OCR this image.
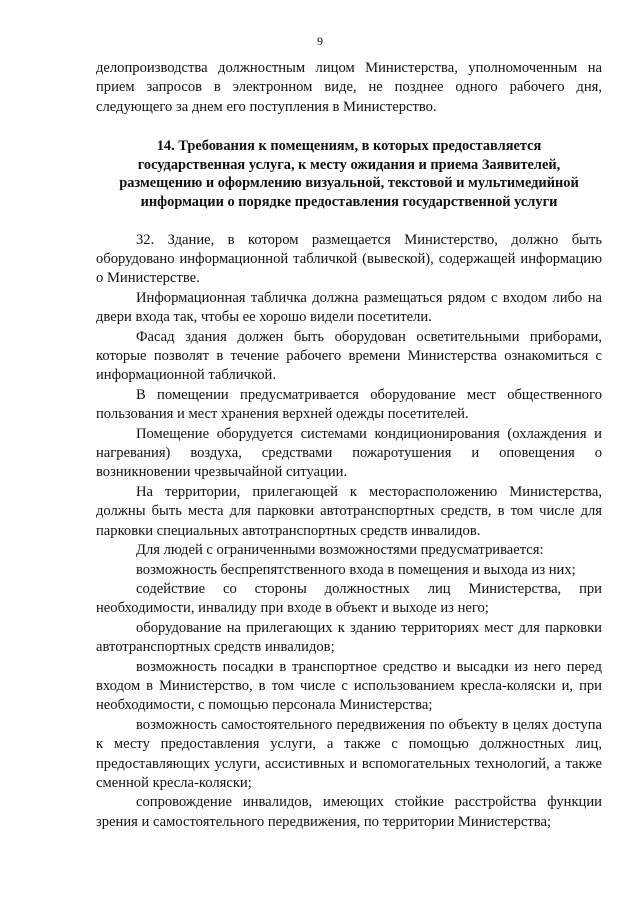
9

делопроизводства должностным лицом Министерства, уполномоченным на прием запросов в электронном виде, не позднее одного рабочего дня, следующего за днем его поступления в Министерство.

14. Требования к помещениям, в которых предоставляется
государственная услуга, к месту ожидания и приема Заявителей,
размещению и оформлению визуальной, текстовой и мультимедийной
информации о порядке предоставления государственной услуги

32. Здание, в котором размещается Министерство, должно быть оборудовано информационной табличкой (вывеской), содержащей информацию о Министерстве.

Информационная табличка должна размещаться рядом с входом либо на двери входа так, чтобы ее хорошо видели посетители.

Фасад здания должен быть оборудован осветительными приборами, которые позволят в течение рабочего времени Министерства ознакомиться с информационной табличкой.

В помещении предусматривается оборудование мест общественного пользования и мест хранения верхней одежды посетителей.

Помещение оборудуется системами кондиционирования (охлаждения и нагревания) воздуха, средствами пожаротушения и оповещения о возникновении чрезвычайной ситуации.

На территории, прилегающей к месторасположению Министерства, должны быть места для парковки автотранспортных средств, в том числе для парковки специальных автотранспортных средств инвалидов.

Для людей с ограниченными возможностями предусматривается:

возможность беспрепятственного входа в помещения и выхода из них;

содействие со стороны должностных лиц Министерства, при необходимости, инвалиду при входе в объект и выходе из него;

оборудование на прилегающих к зданию территориях мест для парковки автотранспортных средств инвалидов;

возможность посадки в транспортное средство и высадки из него перед входом в Министерство, в том числе с использованием кресла-коляски и, при необходимости, с помощью персонала Министерства;

возможность самостоятельного передвижения по объекту в целях доступа к месту предоставления услуги, а также с помощью должностных лиц, предоставляющих услуги, ассистивных и вспомогательных технологий, а также сменной кресла-коляски;

сопровождение инвалидов, имеющих стойкие расстройства функции зрения и самостоятельного передвижения, по территории Министерства;
